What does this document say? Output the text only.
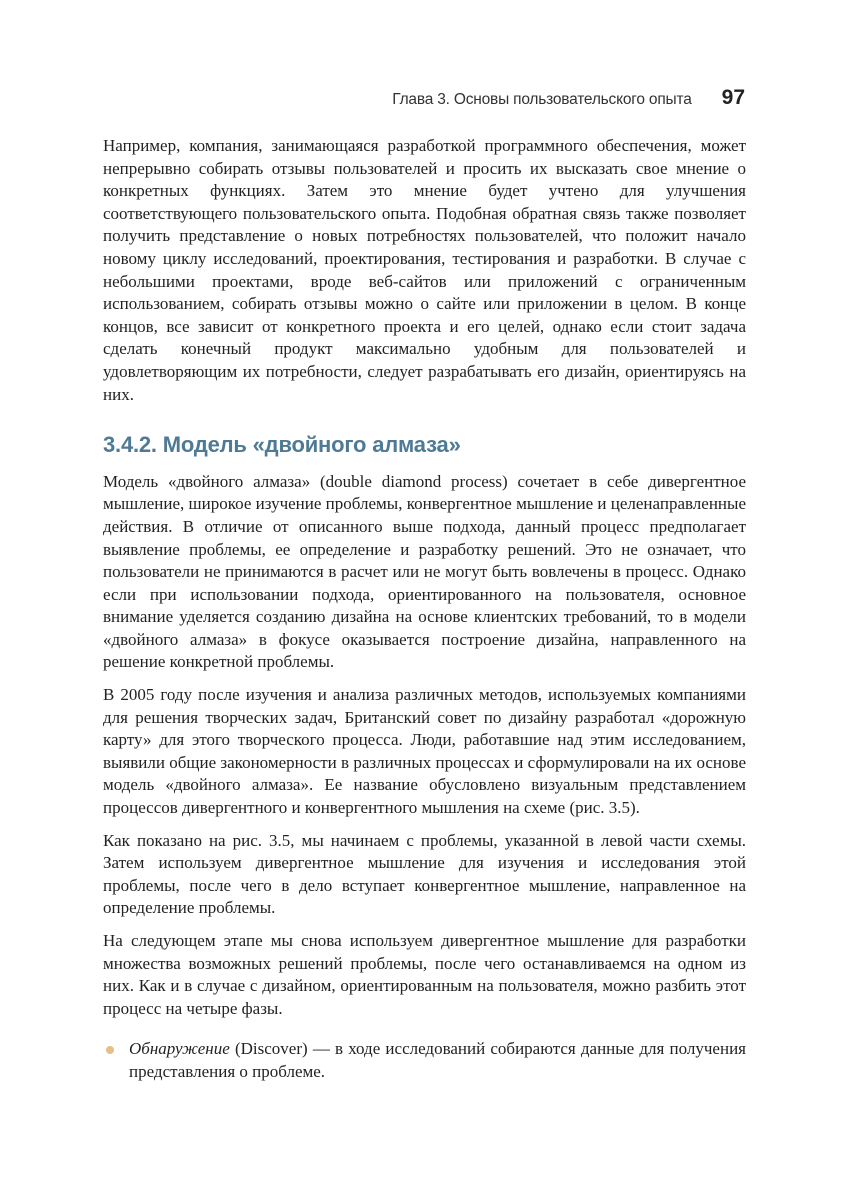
Глава 3. Основы пользовательского опыта 97

Например, компания, занимающаяся разработкой программного обеспечения, может непрерывно собирать отзывы пользователей и просить их высказать свое мнение о конкретных функциях. Затем это мнение будет учтено для улучшения соответствующего пользовательского опыта. Подобная обратная связь также позволяет получить представление о новых потребностях пользователей, что положит начало новому циклу исследований, проектирования, тестирования и разработки. В случае с небольшими проектами, вроде веб-сайтов или приложений с ограниченным использованием, собирать отзывы можно о сайте или приложении в целом. В конце концов, все зависит от конкретного проекта и его целей, однако если стоит задача сделать конечный продукт максимально удобным для пользователей и удовлетворяющим их потребности, следует разрабатывать его дизайн, ориентируясь на них.

3.4.2. Модель «двойного алмаза»

Модель «двойного алмаза» (double diamond process) сочетает в себе дивергентное мышление, широкое изучение проблемы, конвергентное мышление и целенаправленные действия. В отличие от описанного выше подхода, данный процесс предполагает выявление проблемы, ее определение и разработку решений. Это не означает, что пользователи не принимаются в расчет или не могут быть вовлечены в процесс. Однако если при использовании подхода, ориентированного на пользователя, основное внимание уделяется созданию дизайна на основе клиентских требований, то в модели «двойного алмаза» в фокусе оказывается построение дизайна, направленного на решение конкретной проблемы.

В 2005 году после изучения и анализа различных методов, используемых компаниями для решения творческих задач, Британский совет по дизайну разработал «дорожную карту» для этого творческого процесса. Люди, работавшие над этим исследованием, выявили общие закономерности в различных процессах и сформулировали на их основе модель «двойного алмаза». Ее название обусловлено визуальным представлением процессов дивергентного и конвергентного мышления на схеме (рис. 3.5).

Как показано на рис. 3.5, мы начинаем с проблемы, указанной в левой части схемы. Затем используем дивергентное мышление для изучения и исследования этой проблемы, после чего в дело вступает конвергентное мышление, направленное на определение проблемы.

На следующем этапе мы снова используем дивергентное мышление для разработки множества возможных решений проблемы, после чего останавливаемся на одном из них. Как и в случае с дизайном, ориентированным на пользователя, можно разбить этот процесс на четыре фазы.

Обнаружение (Discover) — в ходе исследований собираются данные для получения представления о проблеме.
